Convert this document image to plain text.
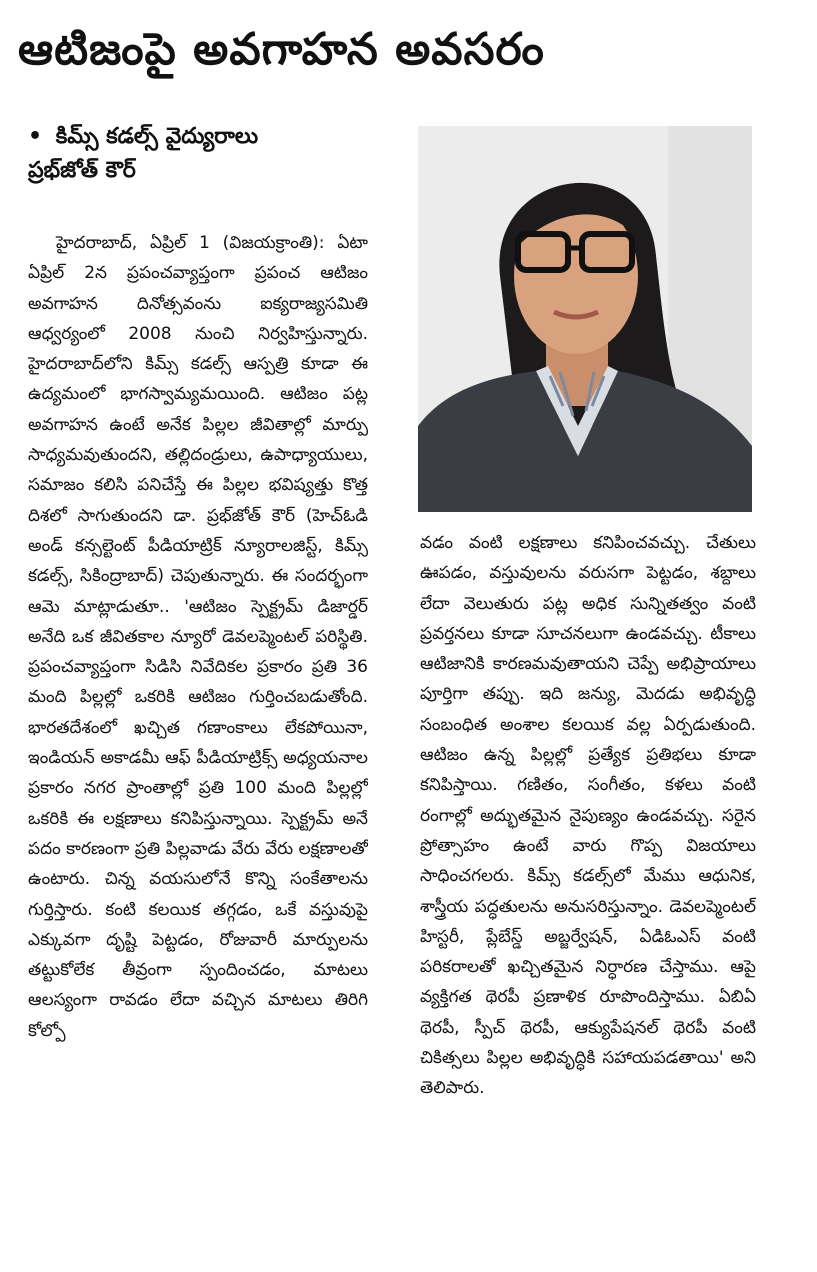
ఆటిజంపై అవగాహన అవసరం
• కిమ్స్ కడల్స్ వైద్యురాలు
ప్రభ్‌జోత్ కౌర్

హైదరాబాద్, ఏప్రిల్ 1 (విజయక్రాంతి): ఏటా ఏప్రిల్ 2న ప్రపంచవ్యాప్తంగా ప్రపంచ ఆటిజం అవగాహన దినోత్సవంను ఐక్యరాజ్యసమితి ఆధ్వర్యంలో 2008 నుంచి నిర్వహిస్తున్నారు. హైదరాబాద్‌లోని కిమ్స్ కడల్స్ ఆస్పత్రి కూడా ఈ ఉద్యమంలో భాగస్వామ్యమయింది. ఆటిజం పట్ల అవగాహన ఉంటే అనేక పిల్లల జీవితాల్లో మార్పు సాధ్యమవుతుందని, తల్లిదండ్రులు, ఉపాధ్యాయులు, సమాజం కలిసి పనిచేస్తే ఈ పిల్లల భవిష్యత్తు కొత్త దిశలో సాగుతుందని డా. ప్రభ్‌జోత్ కౌర్ (హెచ్‌ఓడి అండ్ కన్సల్టెంట్ పీడియాట్రిక్ న్యూరాలజిస్ట్, కిమ్స్ కడల్స్, సికింద్రాబాద్) చెపుతున్నారు. ఈ సందర్భంగా ఆమె మాట్లాడుతూ.. 'ఆటిజం స్పెక్ట్రమ్ డిజార్డర్ అనేది ఒక జీవితకాల న్యూరో డెవలప్మెంటల్ పరిస్థితి. ప్రపంచవ్యాప్తంగా సిడిసి నివేదికల ప్రకారం ప్రతి 36 మంది పిల్లల్లో ఒకరికి ఆటిజం గుర్తించబడుతోంది. భారతదేశంలో ఖచ్చిత గణాంకాలు లేకపోయినా, ఇండియన్ అకాడమీ ఆఫ్ పీడియాట్రిక్స్ అధ్యయనాల ప్రకారం నగర ప్రాంతాల్లో ప్రతి 100 మంది పిల్లల్లో ఒకరికి ఈ లక్షణాలు కనిపిస్తున్నాయి. స్పెక్ట్రమ్ అనే పదం కారణంగా ప్రతి పిల్లవాడు వేరు వేరు లక్షణాలతో ఉంటారు. చిన్న వయసులోనే కొన్ని సంకేతాలను గుర్తిస్తారు. కంటి కలయిక తగ్గడం, ఒకే వస్తువుపై ఎక్కువగా దృష్టి పెట్టడం, రోజువారీ మార్పులను తట్టుకోలేక తీవ్రంగా స్పందించడం, మాటలు ఆలస్యంగా రావడం లేదా వచ్చిన మాటలు తిరిగి కోల్పో

వడం వంటి లక్షణాలు కనిపించవచ్చు. చేతులు ఊపడం, వస్తువులను వరుసగా పెట్టడం, శబ్దాలు లేదా వెలుతురు పట్ల అధిక సున్నితత్వం వంటి ప్రవర్తనలు కూడా సూచనలుగా ఉండవచ్చు. టీకాలు ఆటిజానికి కారణమవుతాయని చెప్పే అభిప్రాయాలు పూర్తిగా తప్పు. ఇది జన్యు, మెదడు అభివృద్ధి సంబంధిత అంశాల కలయిక వల్ల ఏర్పడుతుంది. ఆటిజం ఉన్న పిల్లల్లో ప్రత్యేక ప్రతిభలు కూడా కనిపిస్తాయి. గణితం, సంగీతం, కళలు వంటి రంగాల్లో అద్భుతమైన నైపుణ్యం ఉండవచ్చు. సరైన ప్రోత్సాహం ఉంటే వారు గొప్ప విజయాలు సాధించగలరు. కిమ్స్ కడల్స్‌లో మేము ఆధునిక, శాస్త్రీయ పద్ధతులను అనుసరిస్తున్నాం. డెవలప్మెంటల్ హిస్టరీ, ప్లేబేస్డ్ అబ్జర్వేషన్, ఏడిఓఎస్ వంటి పరికరాలతో ఖచ్చితమైన నిర్ధారణ చేస్తాము. ఆపై వ్యక్తిగత థెరపీ ప్రణాళిక రూపొందిస్తాము. ఏబిఏ థెరపీ, స్పీచ్ థెరపీ, ఆక్యుపేషనల్ థెరపీ వంటి చికిత్సలు పిల్లల అభివృద్ధికి సహాయపడతాయి' అని తెలిపారు.
